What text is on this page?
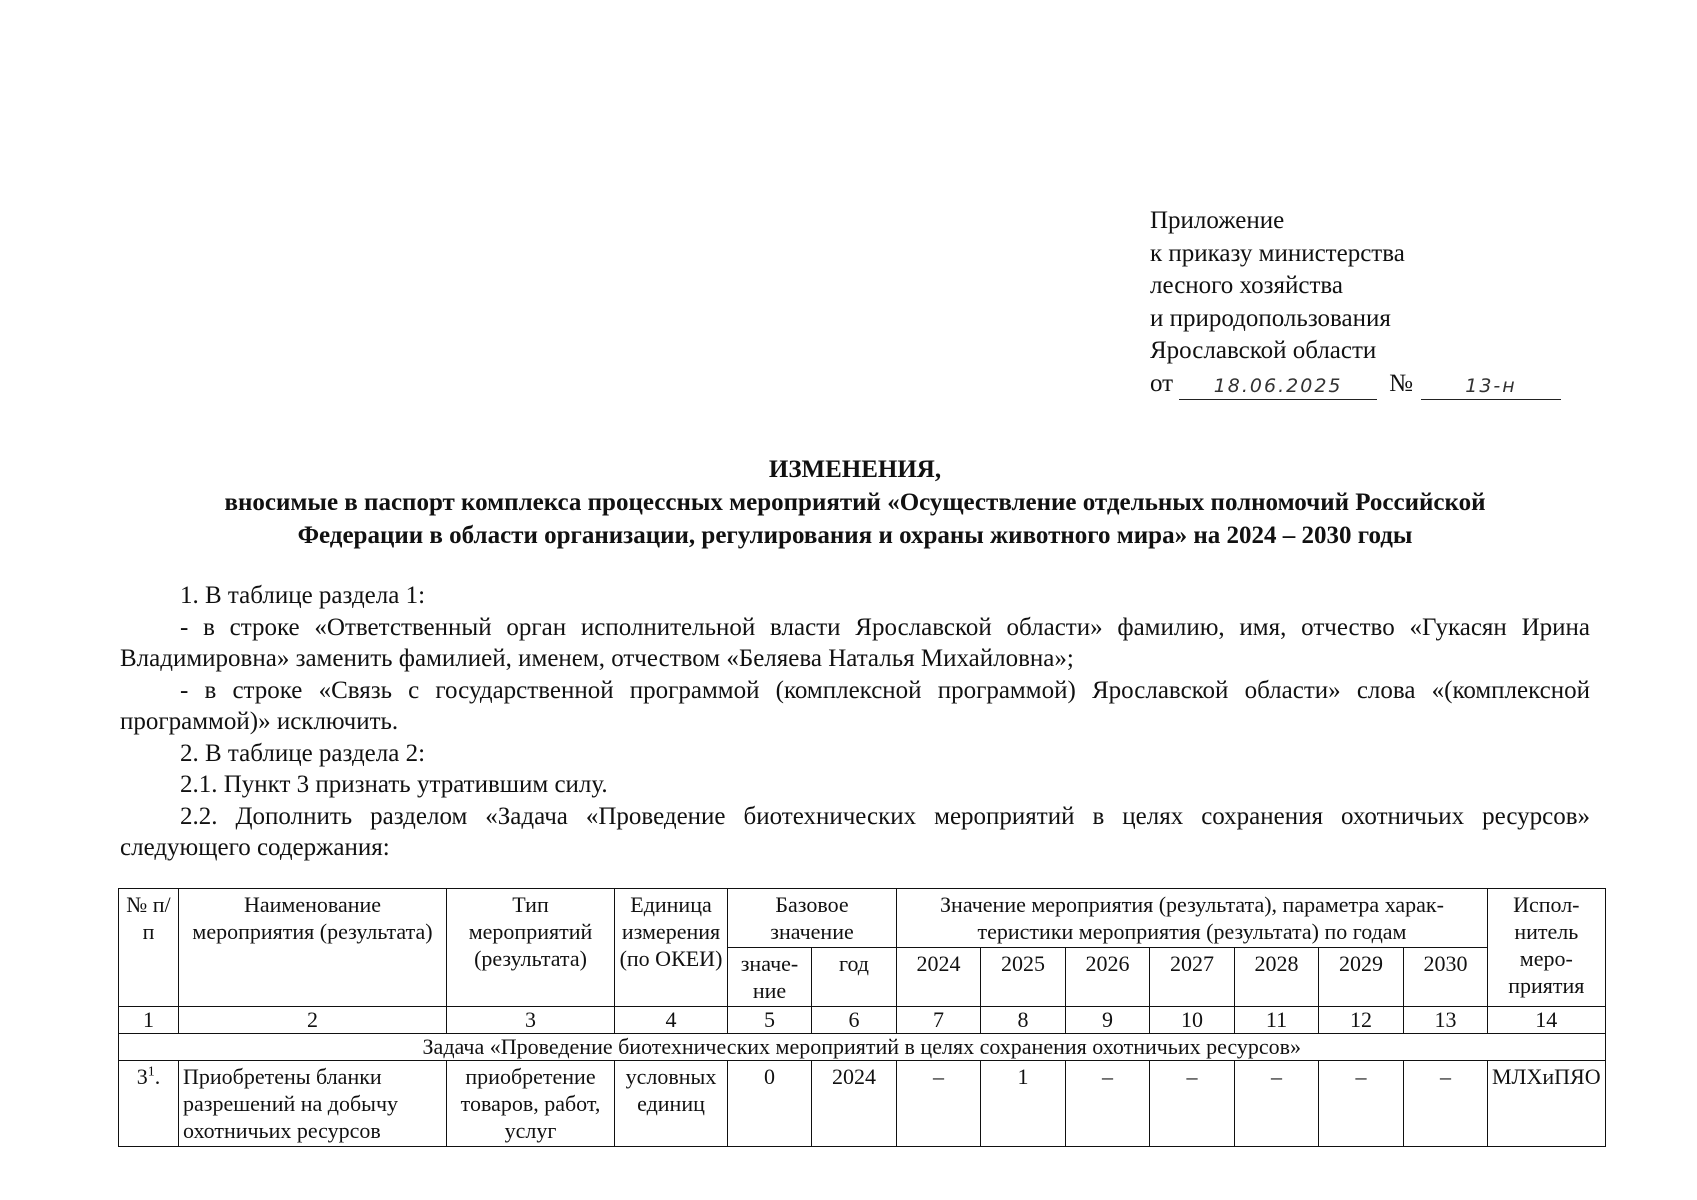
Приложение
к приказу министерства
лесного хозяйства
и природопользования
Ярославской области
от	18.06.2025	№	13-н
ИЗМЕНЕНИЯ,
вносимые в паспорт комплекса процессных мероприятий «Осуществление отдельных полномочий Российской
Федерации в области организации, регулирования и охраны животного мира» на 2024 – 2030 годы

1. В таблице раздела 1:

- в строке «Ответственный орган исполнительной власти Ярославской области» фамилию, имя, отчество «Гукасян Ирина Владимировна» заменить фамилией, именем, отчеством «Беляева Наталья Михайловна»;

- в строке «Связь с государственной программой (комплексной программой) Ярославской области» слова «(комплексной программой)» исключить.

2. В таблице раздела 2:

2.1. Пункт 3 признать утратившим силу.

2.2. Дополнить разделом «Задача «Проведение биотехнических мероприятий в целях сохранения охотничьих ресурсов» следующего содержания:

№ п/п	Наименование мероприятия (результата)	Тип мероприятий (результата)	Единица измерения (по ОКЕИ)	Базовое значение		Значение мероприятия (результата), параметра харак-теристики мероприятия (результата) по годам							Испол-нитель меро-приятия
				значе-ние	год	2024	2025	2026	2027	2028	2029	2030	
1	2	3	4	5	6	7	8	9	10	11	12	13	14
Задача «Проведение биотехнических мероприятий в целях сохранения охотничьих ресурсов»													
$3^1$.	Приобретены бланки разрешений на добычу охотничьих ресурсов	приобретение товаров, работ, услуг	условных единиц	0	2024	–	1	–	–	–	–	–	МЛХиПЯО
